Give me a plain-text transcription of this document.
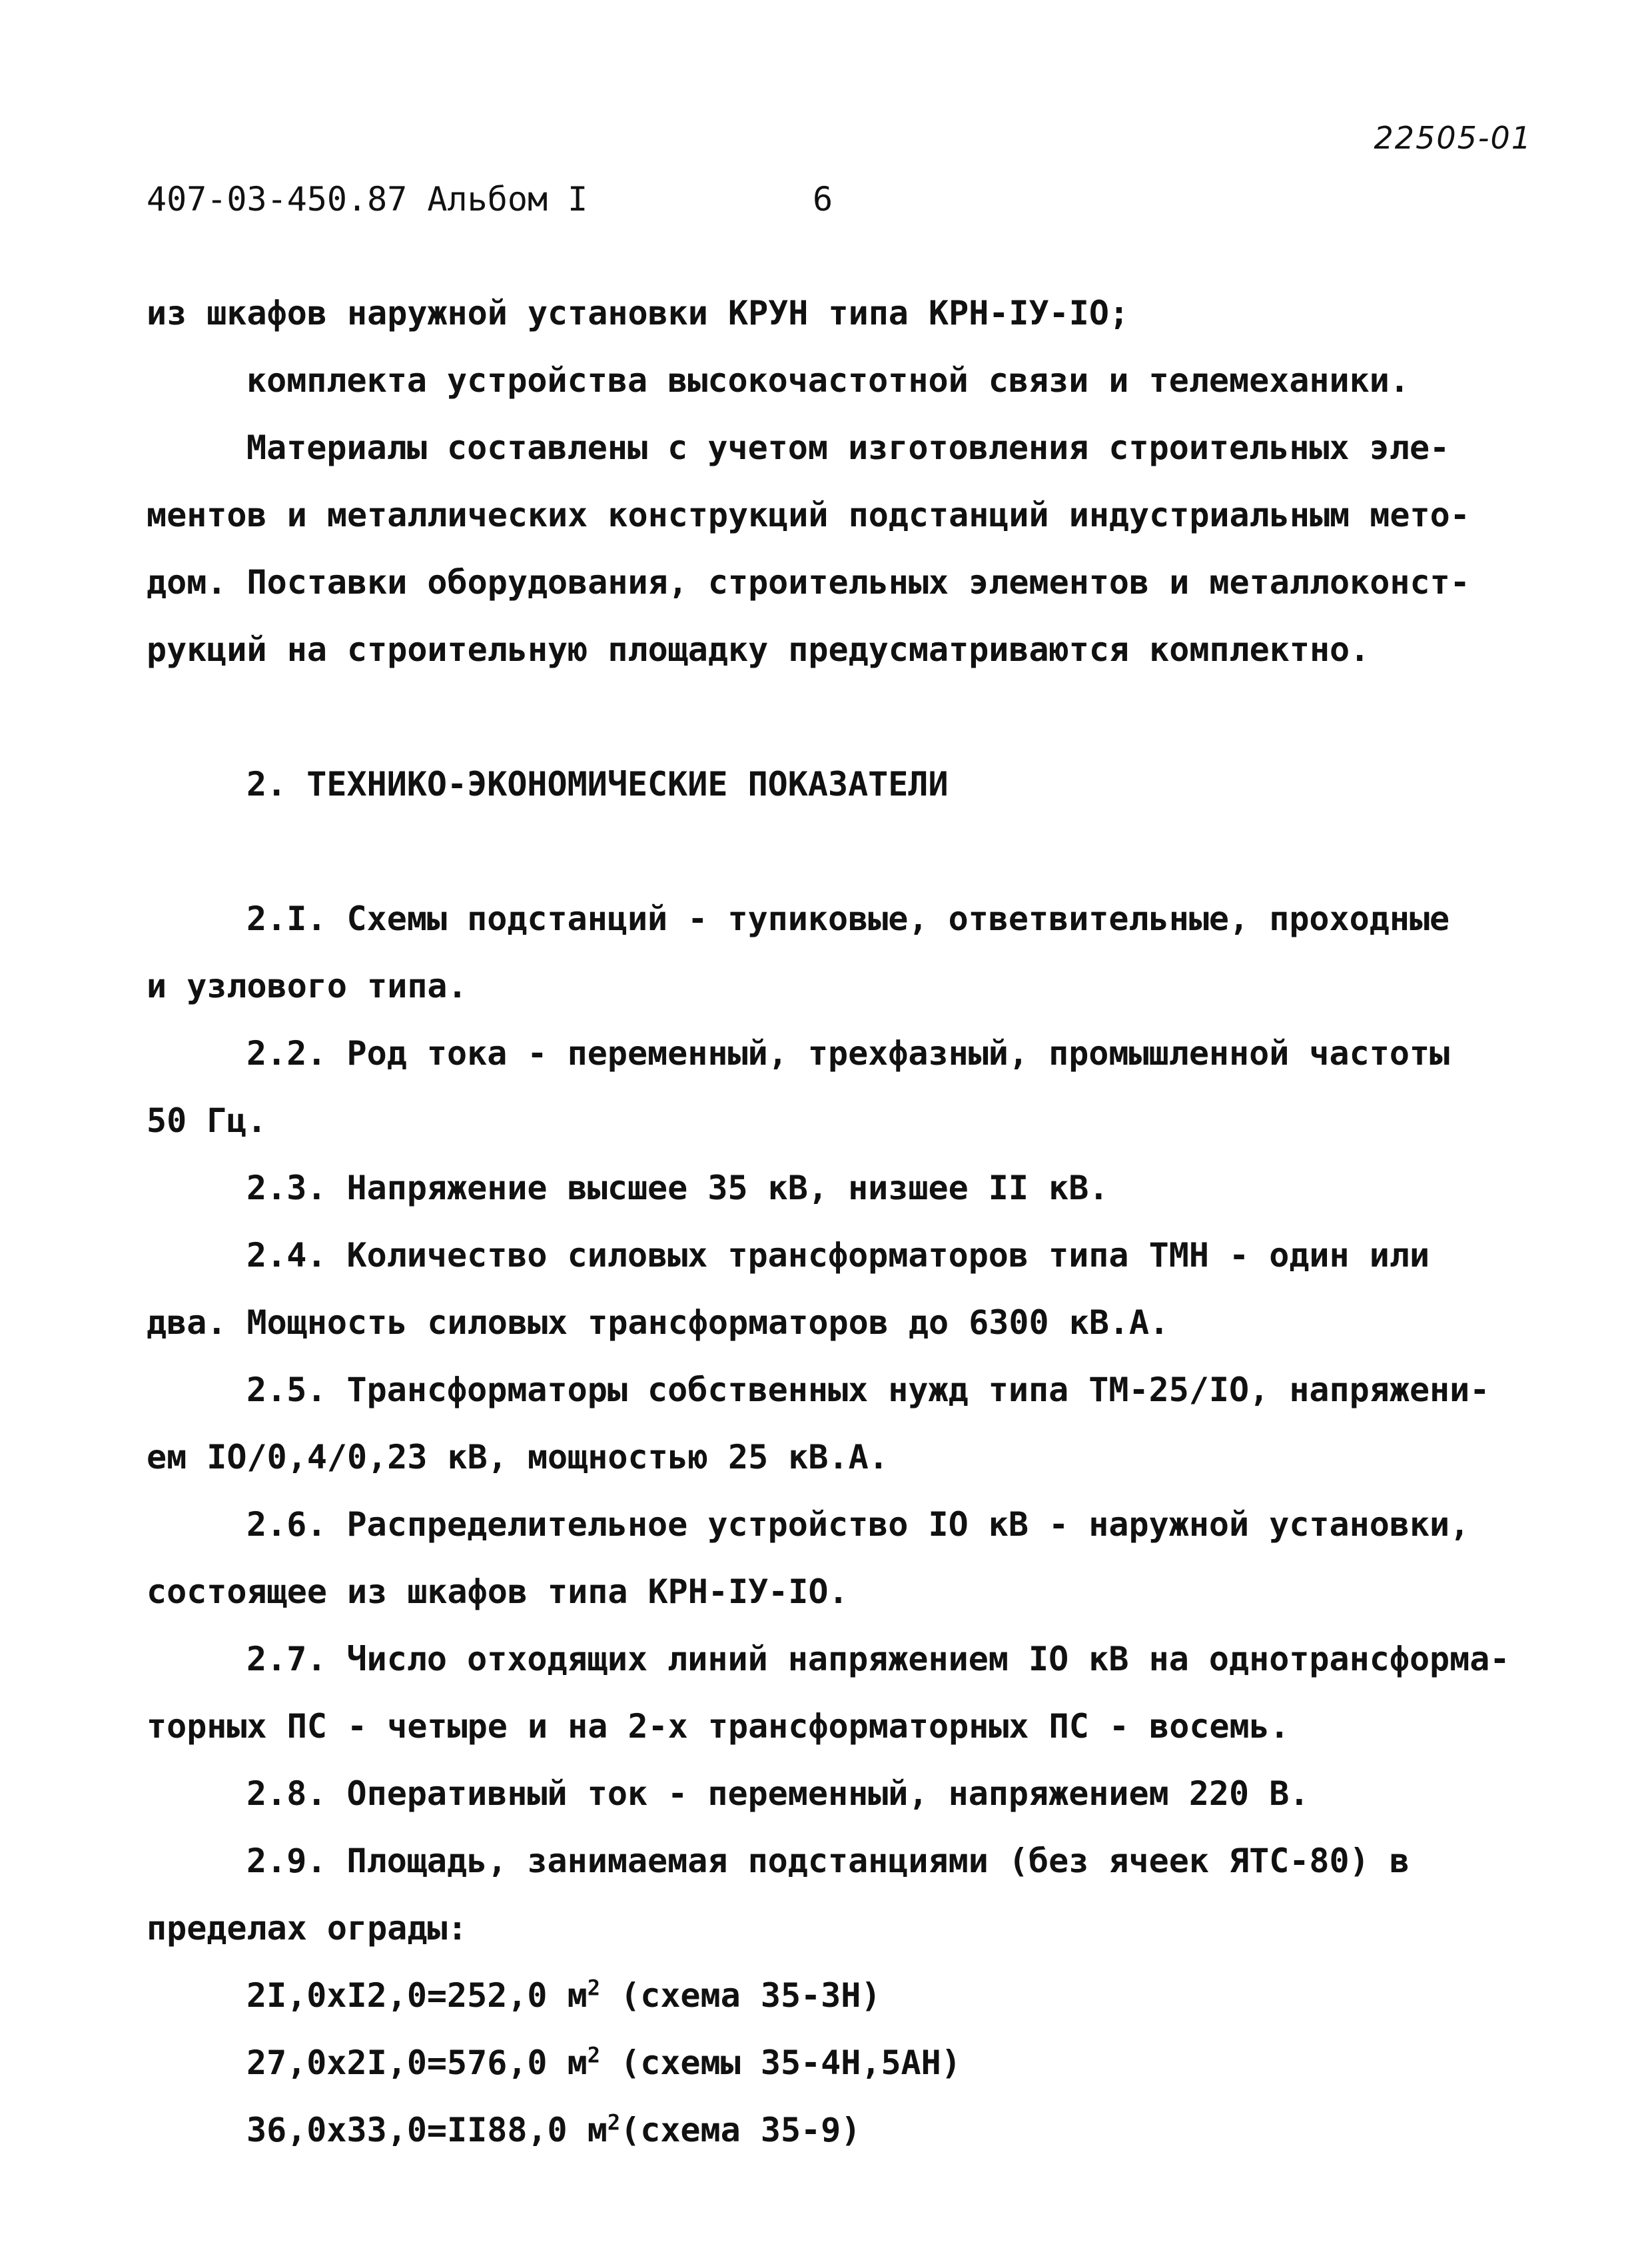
22505-01
407-03-450.87 Альбом I	6
из шкафов наружной установки КРУН типа КРН-IУ-IO;
комплекта устройства высокочастотной связи и телемеханики.
Материалы составлены с учетом изготовления строительных эле-
ментов и металлических конструкций подстанций индустриальным мето-
дом. Поставки оборудования, строительных элементов и металлоконст-
рукций на строительную площадку предусматриваются комплектно.
2. ТЕХНИКО-ЭКОНОМИЧЕСКИЕ ПОКАЗАТЕЛИ
2.I. Схемы подстанций - тупиковые, ответвительные, проходные
и узлового типа.
2.2. Род тока - переменный, трехфазный, промышленной частоты
50 Гц.
2.3. Напряжение высшее 35 кВ, низшее II кВ.
2.4. Количество силовых трансформаторов типа ТМН - один или
два. Мощность силовых трансформаторов до 6300 кВ.А.
2.5. Трансформаторы собственных нужд типа ТМ-25/IO, напряжени-
ем IO/0,4/0,23 кВ, мощностью 25 кВ.А.
2.6. Распределительное устройство IO кВ - наружной установки,
состоящее из шкафов типа КРН-IУ-IO.
2.7. Число отходящих линий напряжением IO кВ на однотрансформа-
торных ПС - четыре и на 2-х трансформаторных ПС - восемь.
2.8. Оперативный ток - переменный, напряжением 220 В.
2.9. Площадь, занимаемая подстанциями (без ячеек ЯТС-80) в
пределах ограды:
2I,0xI2,0=252,0 $м^2$ (схема 35-3Н)
27,0x2I,0=576,0 $м^2$ (схемы 35-4Н,5АН)
36,0x33,0=II88,0 $м^2(схема$ 35-9)
